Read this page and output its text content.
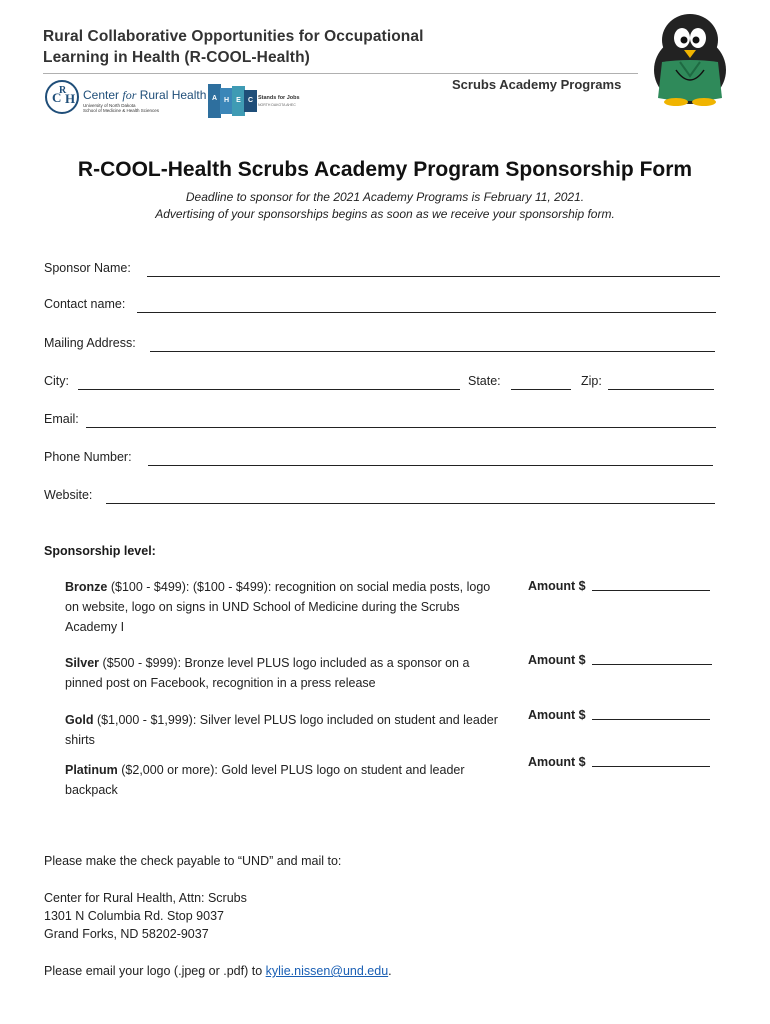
Rural Collaborative Opportunities for Occupational
Learning in Health (R-COOL-Health)
Scrubs Academy Programs
C
R
H Center for Rural Health
University of North Dakota
School of Medicine & Health Sciences
A H	E	C Stands for Jobs
NORTH DAKOTA AHEC
R-COOL-Health Scrubs Academy Program Sponsorship Form
Deadline to sponsor for the 2021 Academy Programs is February 11, 2021.
Advertising of your sponsorships begins as soon as we receive your sponsorship form.
Sponsor Name:
Contact name:
Mailing Address:
City:	State:	Zip:
Email:
Phone Number:
Website:
Sponsorship level:
Bronze ($100 - $499): ($100 - $499): recognition on social media posts, logo on website, logo on signs in UND School of Medicine during the Scrubs Academy I
Amount $
Silver ($500 - $999): Bronze level PLUS logo included as a sponsor on a pinned post on Facebook, recognition in a press release
Amount $
Gold ($1,000 - $1,999): Silver level PLUS logo included on student and leader shirts
Amount $
Platinum ($2,000 or more): Gold level PLUS logo on student and leader backpack
Amount $
Please make the check payable to “UND” and mail to:
Center for Rural Health, Attn: Scrubs
1301 N Columbia Rd. Stop 9037
Grand Forks, ND 58202-9037
Please email your logo (.jpeg or .pdf) to kylie.nissen@und.edu.
